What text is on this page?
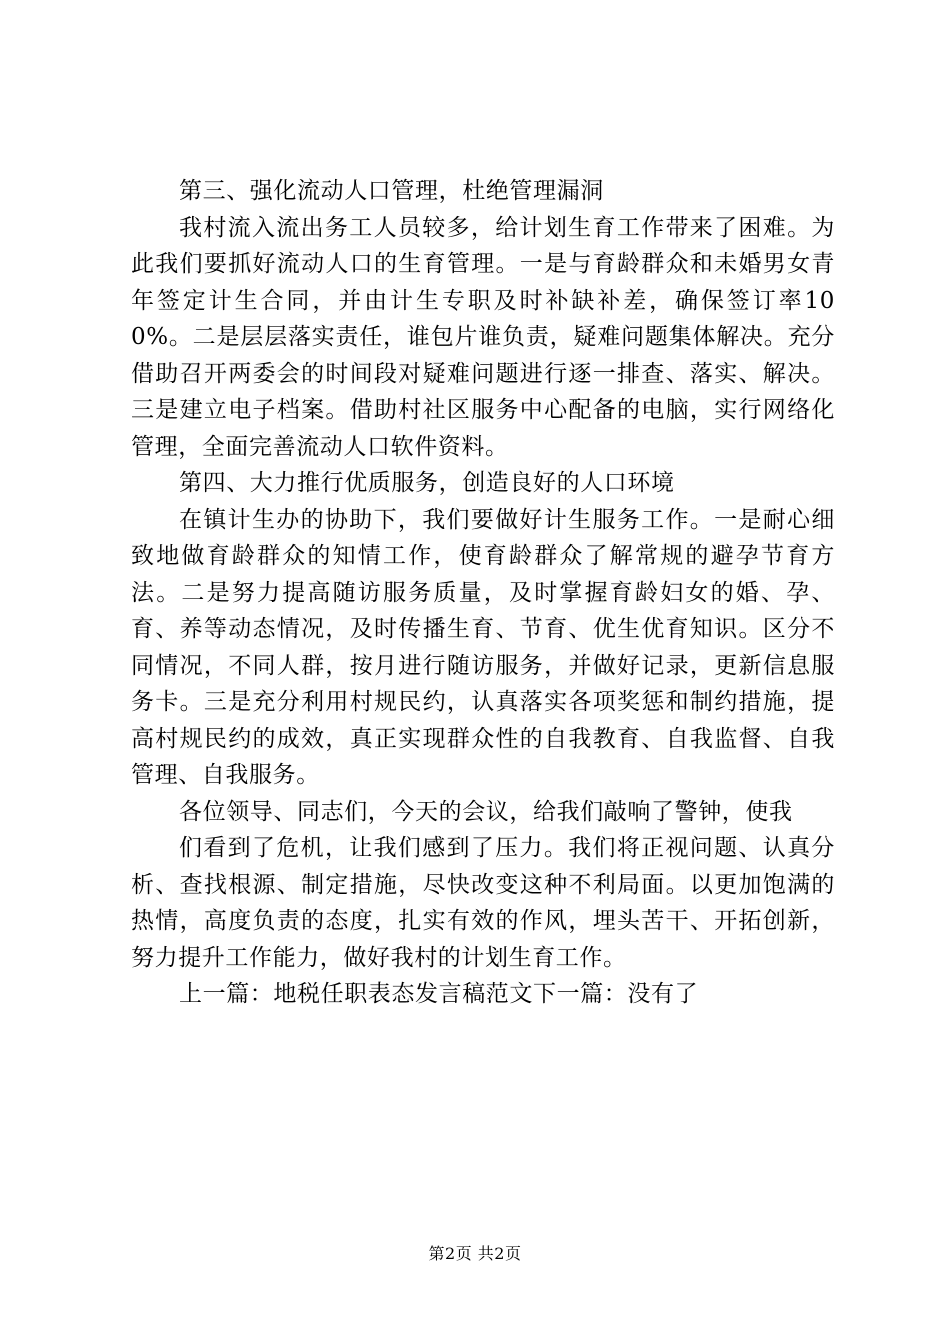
第三、强化流动人口管理，杜绝管理漏洞

我村流入流出务工人员较多，给计划生育工作带来了困难。为此我们要抓好流动人口的生育管理。一是与育龄群众和未婚男女青年签定计生合同，并由计生专职及时补缺补差，确保签订率100%。二是层层落实责任，谁包片谁负责，疑难问题集体解决。充分借助召开两委会的时间段对疑难问题进行逐一排查、落实、解决。三是建立电子档案。借助村社区服务中心配备的电脑，实行网络化管理，全面完善流动人口软件资料。

第四、大力推行优质服务，创造良好的人口环境

在镇计生办的协助下，我们要做好计生服务工作。一是耐心细致地做育龄群众的知情工作，使育龄群众了解常规的避孕节育方法。二是努力提高随访服务质量，及时掌握育龄妇女的婚、孕、育、养等动态情况，及时传播生育、节育、优生优育知识。区分不同情况，不同人群，按月进行随访服务，并做好记录，更新信息服务卡。三是充分利用村规民约，认真落实各项奖惩和制约措施，提高村规民约的成效，真正实现群众性的自我教育、自我监督、自我管理、自我服务。

各位领导、同志们，今天的会议，给我们敲响了警钟，使我

们看到了危机，让我们感到了压力。我们将正视问题、认真分析、查找根源、制定措施，尽快改变这种不利局面。以更加饱满的热情，高度负责的态度，扎实有效的作风，埋头苦干、开拓创新，努力提升工作能力，做好我村的计划生育工作。

上一篇：地税任职表态发言稿范文下一篇：没有了

第2页 共2页
